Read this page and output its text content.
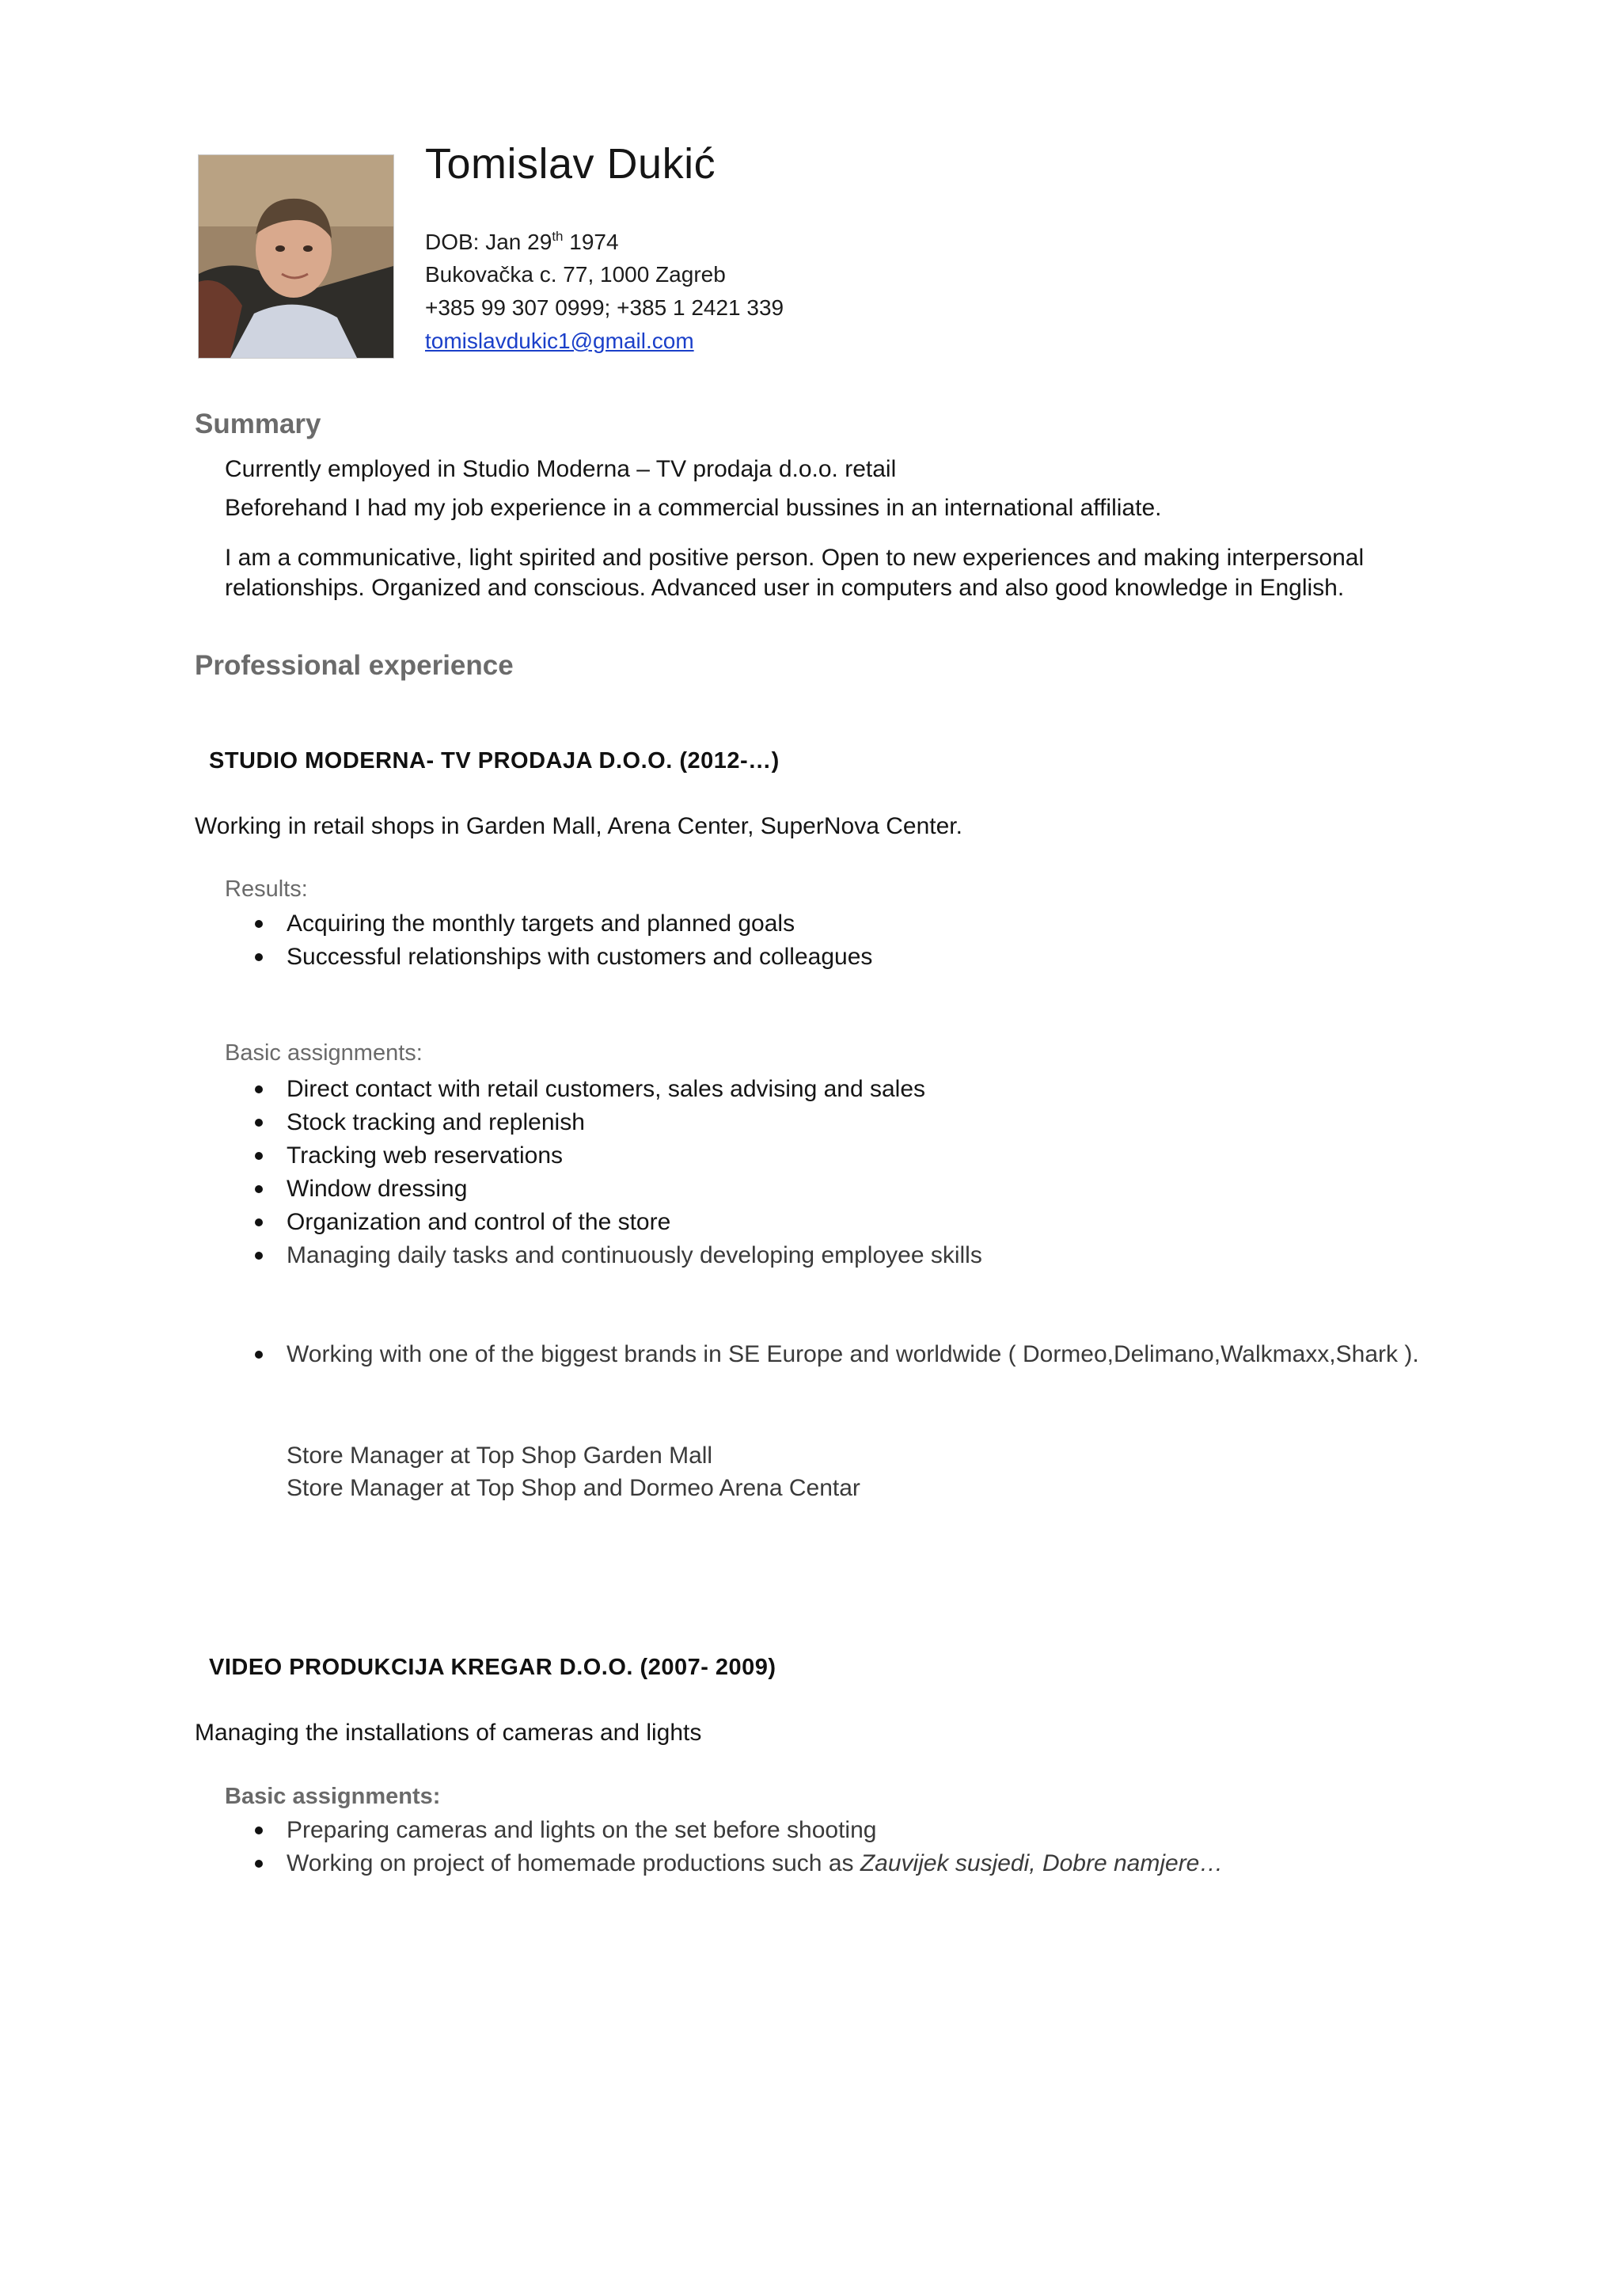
Tomislav Dukić
DOB: Jan 29th 1974
Bukovačka c. 77, 1000 Zagreb
+385 99 307 0999; +385 1 2421 339
tomislavdukic1@gmail.com
Summary
Currently employed in Studio Moderna – TV prodaja d.o.o. retail
Beforehand I had my job experience in a commercial bussines in an international affiliate.
I am a communicative, light spirited and positive person. Open to new experiences and making interpersonal
relationships. Organized and conscious. Advanced user in computers and also good knowledge in English.
Professional experience
STUDIO MODERNA- TV PRODAJA D.O.O. (2012-…)
Working in retail shops in Garden Mall, Arena Center, SuperNova Center.
Results:
Acquiring the monthly targets and planned goals
Successful relationships with customers and colleagues
Basic assignments:
Direct contact with retail customers, sales advising and sales
Stock tracking and replenish
Tracking web reservations
Window dressing
Organization and control of the store
Managing daily tasks and continuously developing employee skills
Working with one of the biggest brands in SE Europe and worldwide ( Dormeo,Delimano,Walkmaxx,Shark ).
Store Manager at Top Shop Garden Mall
Store Manager at Top Shop and Dormeo Arena Centar
VIDEO PRODUKCIJA KREGAR D.O.O. (2007- 2009)
Managing the installations of cameras and lights
Basic assignments:
Preparing cameras and lights on the set before shooting
Working on project of homemade productions such as Zauvijek susjedi, Dobre namjere…
